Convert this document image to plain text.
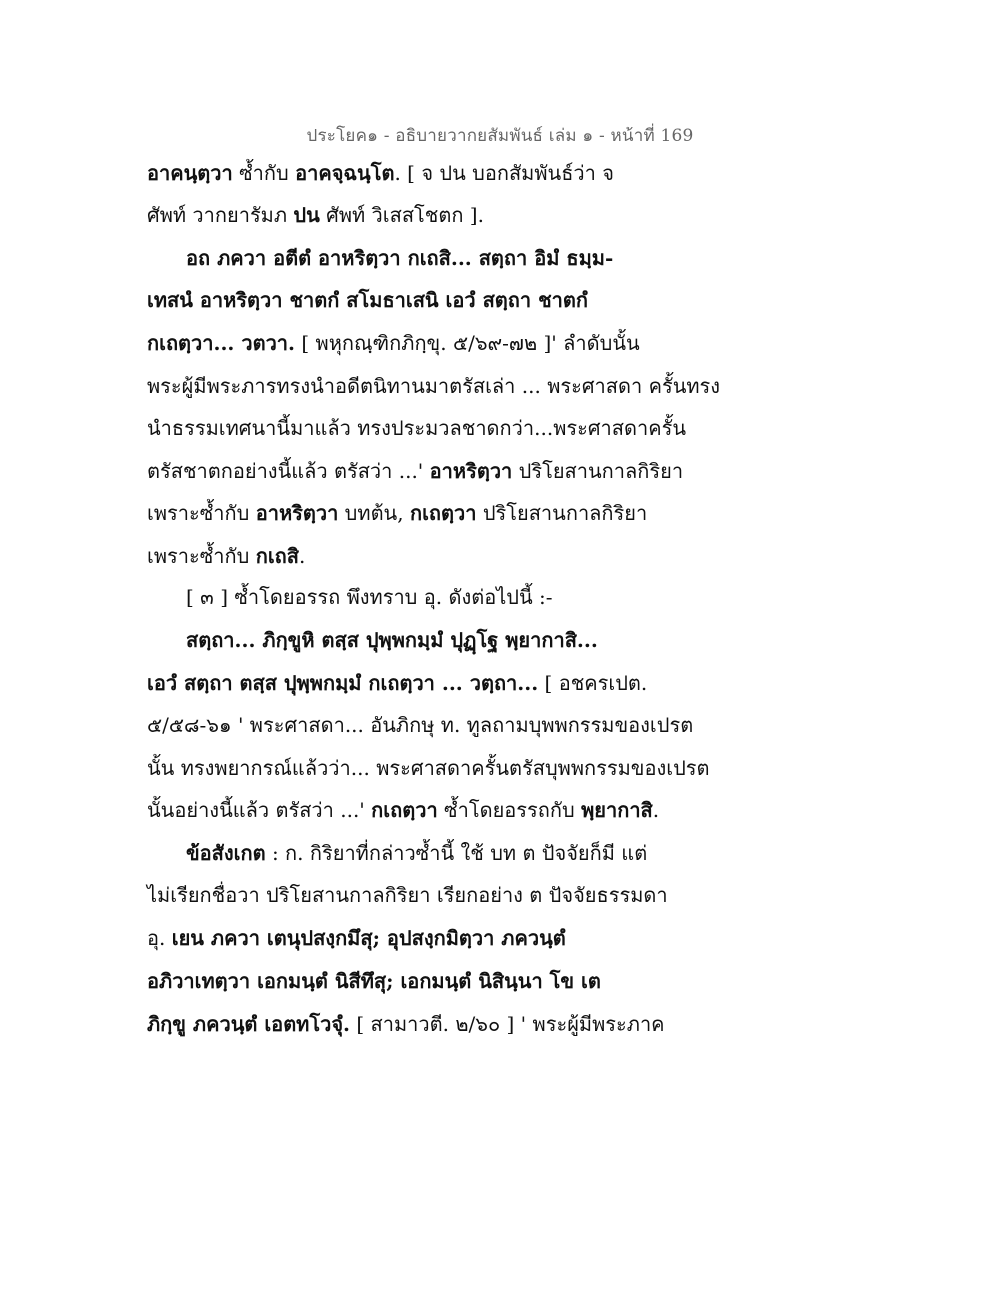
ประโยค๑ - อธิบายวากยสัมพันธ์ เล่ม ๑ - หน้าที่ 169
อาคนฺตฺวา ซ้ำกับ อาคจฺฉนฺโต. [ จ ปน บอกสัมพันธ์ว่า จ
ศัพท์ วากยารัมภ ปน ศัพท์ วิเสสโชตก ].
อถ ภควา อตีตํ อาหริตฺวา กเถสิ... สตฺถา อิมํ ธมฺม-
เทสนํ อาหริตฺวา ชาตกํ สโมธาเสนิ เอวํ สตฺถา ชาตกํ
กเถตฺวา... วตวา. [ พหุกณฺฑิกภิกฺขุ. ๕/๖๙-๗๒ ]' ลำดับนั้น
พระผู้มีพระภารทรงนำอดีตนิทานมาตรัสเล่า ... พระศาสดา ครั้นทรง
นำธรรมเทศนานี้มาแล้ว ทรงประมวลชาดกว่า...พระศาสดาครั้น
ตรัสชาตกอย่างนี้แล้ว ตรัสว่า ...' อาหริตฺวา ปริโยสานกาลกิริยา
เพราะซ้ำกับ อาหริตฺวา บทต้น, กเถตฺวา ปริโยสานกาลกิริยา
เพราะซ้ำกับ กเถสิ.
[ ๓ ] ซ้ำโดยอรรถ พึงทราบ อุ. ดังต่อไปนี้ :-
สตฺถา... ภิกฺขูหิ ตสฺส ปุพฺพกมฺมํ ปุฏฺโฐ พฺยากาสิ...
เอวํ สตฺถา ตสฺส ปุพฺพกมฺมํ กเถตฺวา ... วตฺถา... [ อชครเปต.
๕/๕๘-๖๑ ' พระศาสดา... อันภิกษุ ท. ทูลถามบุพพกรรมของเปรต
นั้น ทรงพยากรณ์แล้วว่า... พระศาสดาครั้นตรัสบุพพกรรมของเปรต
นั้นอย่างนี้แล้ว ตรัสว่า ...' กเถตฺวา ซ้ำโดยอรรถกับ พฺยากาสิ.
ข้อสังเกต : ก. กิริยาที่กล่าวซ้ำนี้ ใช้ บท ต ปัจจัยก็มี แต่
ไม่เรียกชื่อวา ปริโยสานกาลกิริยา เรียกอย่าง ต ปัจจัยธรรมดา
อุ. เยน ภควา เตนุปสงฺกมึสุ; อุปสงฺกมิตฺวา ภควนฺตํ
อภิวาเทตฺวา เอกมนฺตํ นิสีทึสุ; เอกมนฺตํ นิสินฺนา โข เต
ภิกฺขู ภควนฺตํ เอตทโวจุํ. [ สามาวตี. ๒/๖๐ ] ' พระผู้มีพระภาค
